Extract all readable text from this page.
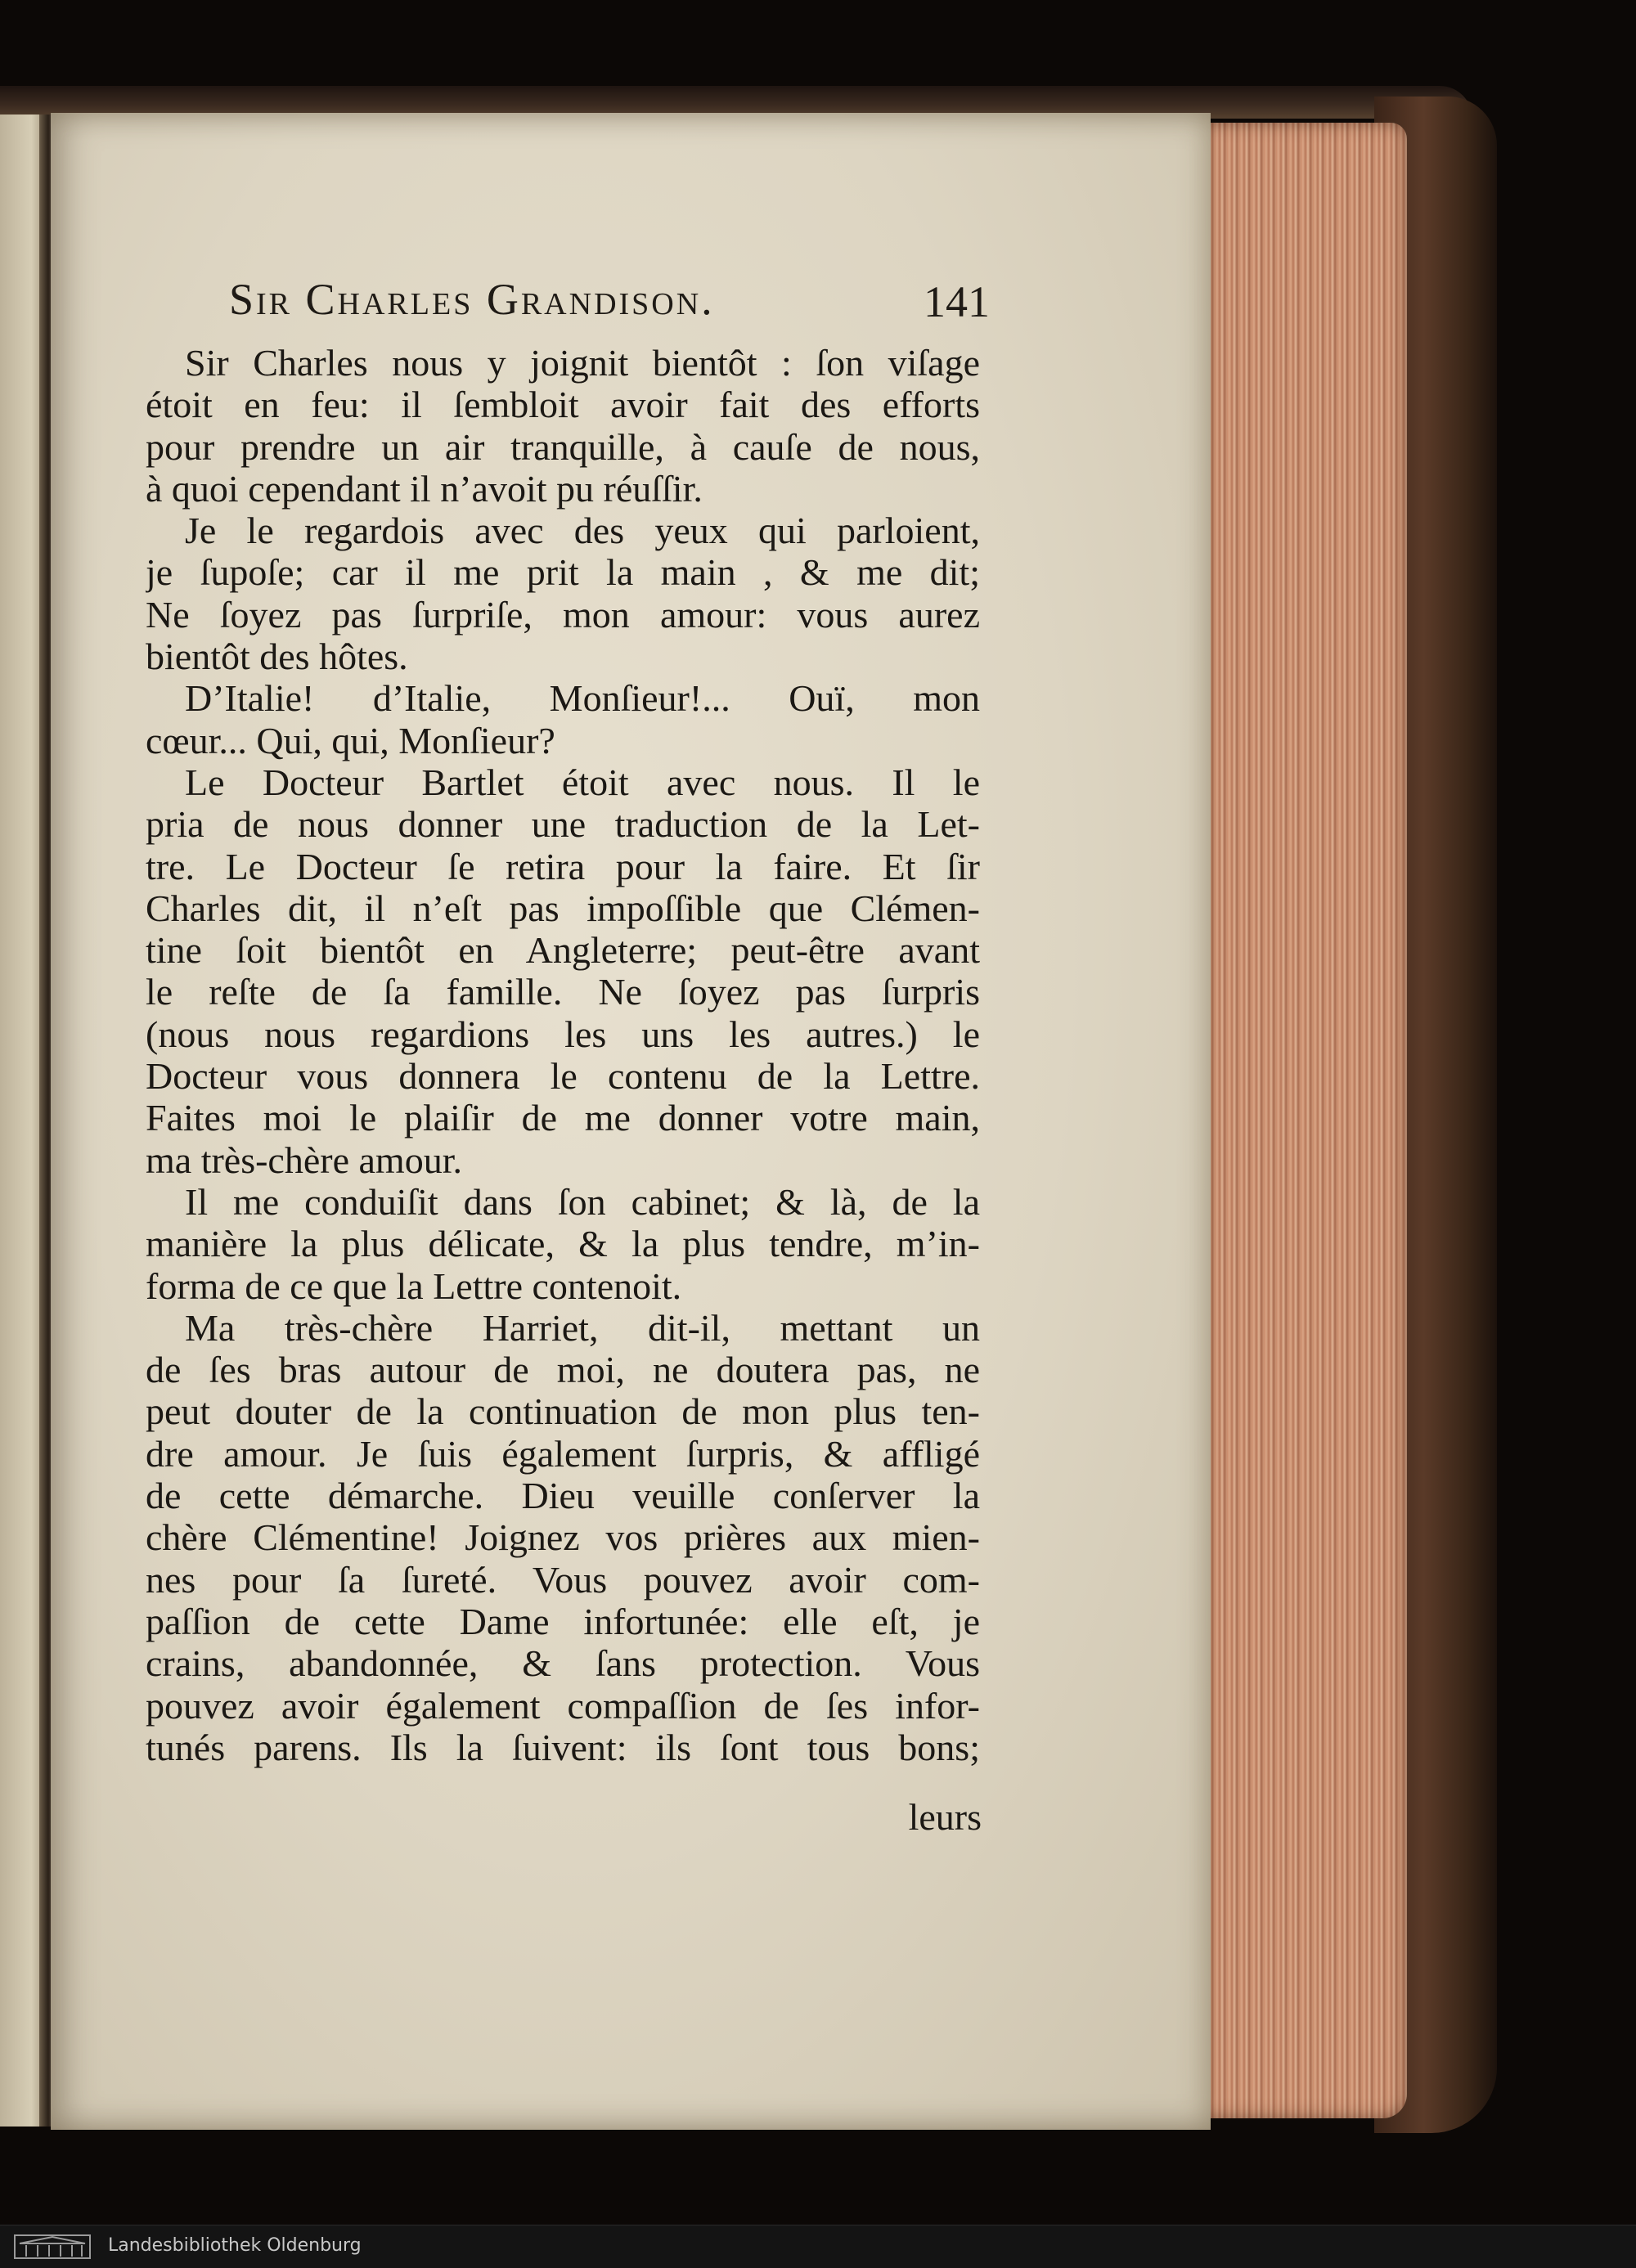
Sir Charles Grandison.	141
Sir Charles nous y joignit bientôt : ſon viſage
étoit en feu: il ſembloit avoir fait des efforts
pour prendre un air tranquille, à cauſe de nous,
à quoi cependant il n’avoit pu réuſſir.
Je le regardois avec des yeux qui parloient,
je ſupoſe; car il me prit la main , & me dit;
Ne ſoyez pas ſurpriſe, mon amour: vous aurez
bientôt des hôtes.
D’Italie! d’Italie, Monſieur!... Ouï, mon
cœur... Qui, qui, Monſieur?
Le Docteur Bartlet étoit avec nous. Il le
pria de nous donner une traduction de la Let-
tre. Le Docteur ſe retira pour la faire. Et ſir
Charles dit, il n’eſt pas impoſſible que Clémen-
tine ſoit bientôt en Angleterre; peut-être avant
le reſte de ſa famille. Ne ſoyez pas ſurpris
(nous nous regardions les uns les autres.) le
Docteur vous donnera le contenu de la Lettre.
Faites moi le plaiſir de me donner votre main,
ma très-chère amour.
Il me conduiſit dans ſon cabinet; & là, de la
manière la plus délicate, & la plus tendre, m’in-
forma de ce que la Lettre contenoit.
Ma très-chère Harriet, dit-il, mettant un
de ſes bras autour de moi, ne doutera pas, ne
peut douter de la continuation de mon plus ten-
dre amour. Je ſuis également ſurpris, & affligé
de cette démarche. Dieu veuille conſerver la
chère Clémentine! Joignez vos prières aux mien-
nes pour ſa ſureté. Vous pouvez avoir com-
paſſion de cette Dame infortunée: elle eſt, je
crains, abandonnée, & ſans protection. Vous
pouvez avoir également compaſſion de ſes infor-
tunés parens. Ils la ſuivent: ils ſont tous bons;
leurs
Landesbibliothek Oldenburg
